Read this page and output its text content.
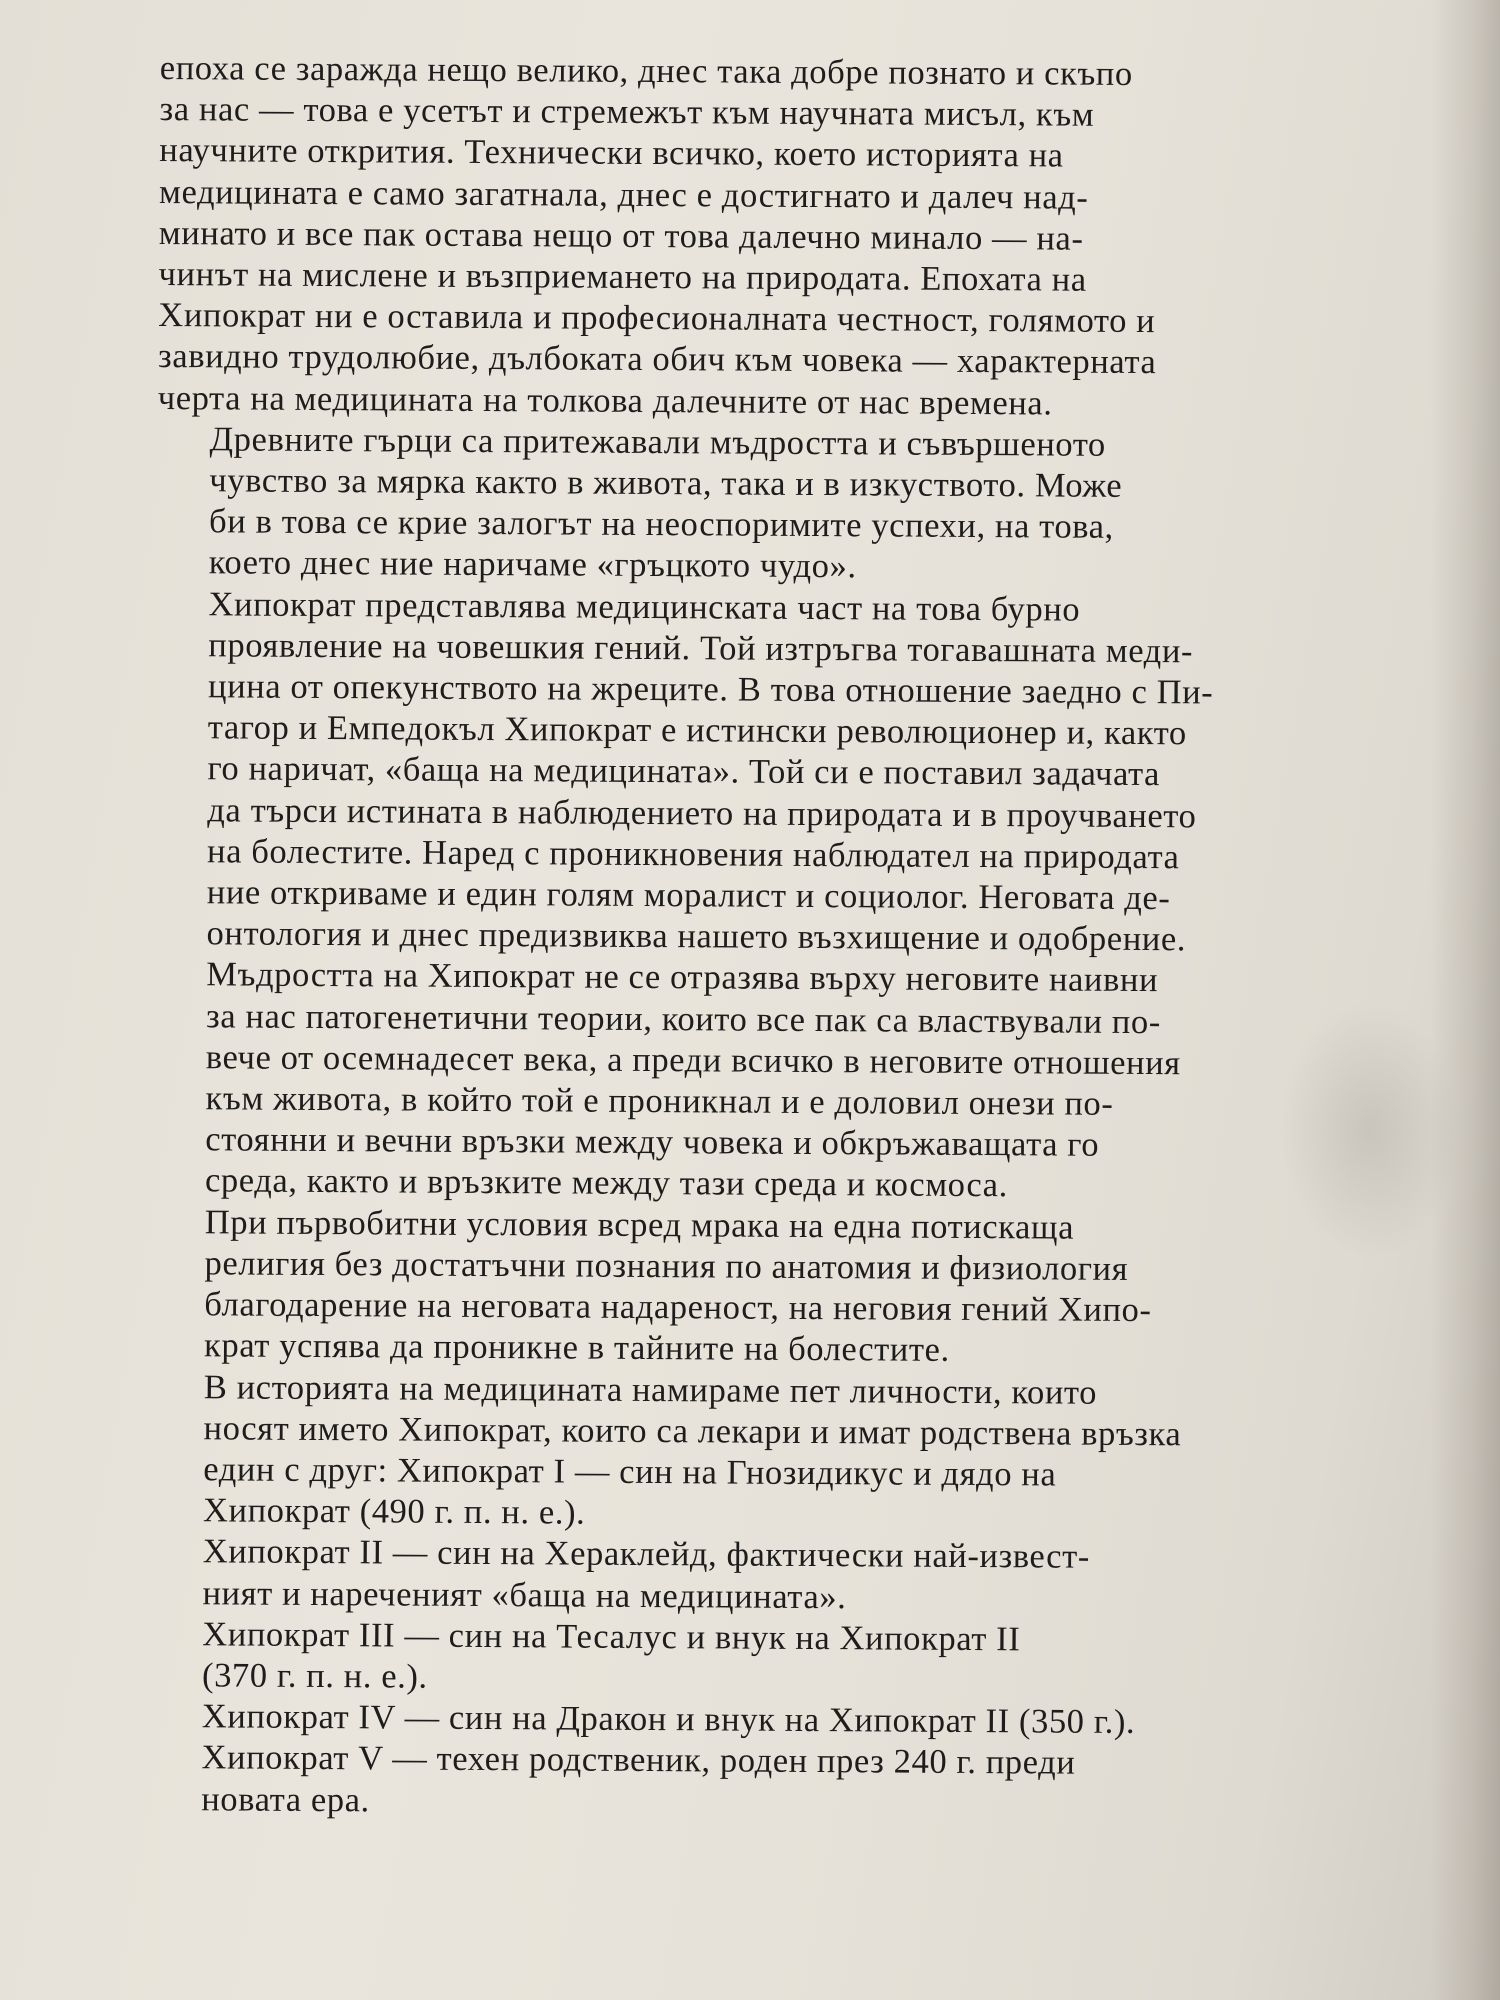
епоха се заражда нещо велико, днес така добре познато и скъпо
за нас — това е усетът и стремежът към научната мисъл, към
научните открития. Технически всичко, което историята на
медицината е само загатнала, днес е достигнато и далеч над-
минато и все пак остава нещо от това далечно минало — на-
чинът на мислене и възприемането на природата. Епохата на
Хипократ ни е оставила и професионалната честност, голямото и
завидно трудолюбие, дълбоката обич към човека — характерната
черта на медицината на толкова далечните от нас времена.

Древните гърци са притежавали мъдростта и съвършеното
чувство за мярка както в живота, така и в изкуството. Може
би в това се крие залогът на неоспоримите успехи, на това,
което днес ние наричаме «гръцкото чудо».

Хипократ представлява медицинската част на това бурно
проявление на човешкия гений. Той изтръгва тогавашната меди-
цина от опекунството на жреците. В това отношение заедно с Пи-
тагор и Емпедокъл Хипократ е истински революционер и, както
го наричат, «баща на медицината». Той си е поставил задачата
да търси истината в наблюдението на природата и в проучването
на болестите. Наред с проникновения наблюдател на природата
ние откриваме и един голям моралист и социолог. Неговата де-
онтология и днес предизвиква нашето възхищение и одобрение.

Мъдростта на Хипократ не се отразява върху неговите наивни
за нас патогенетични теории, които все пак са властвували по-
вече от осемнадесет века, а преди всичко в неговите отношения
към живота, в който той е проникнал и е доловил онези по-
стоянни и вечни връзки между човека и обкръжаващата го
среда, както и връзките между тази среда и космоса.

При първобитни условия всред мрака на една потискаща
религия без достатъчни познания по анатомия и физиология
благодарение на неговата надареност, на неговия гений Хипо-
крат успява да проникне в тайните на болестите.

В историята на медицината намираме пет личности, които
носят името Хипократ, които са лекари и имат родствена връзка
един с друг: Хипократ I — син на Гнозидикус и дядо на
Хипократ (490 г. п. н. е.).

Хипократ II — син на Хераклейд, фактически най-извест-
ният и нареченият «баща на медицината».

Хипократ III — син на Тесалус и внук на Хипократ II
(370 г. п. н. е.).

Хипократ IV — син на Дракон и внук на Хипократ II (350 г.).

Хипократ V — техен родственик, роден през 240 г. преди
новата ера.
